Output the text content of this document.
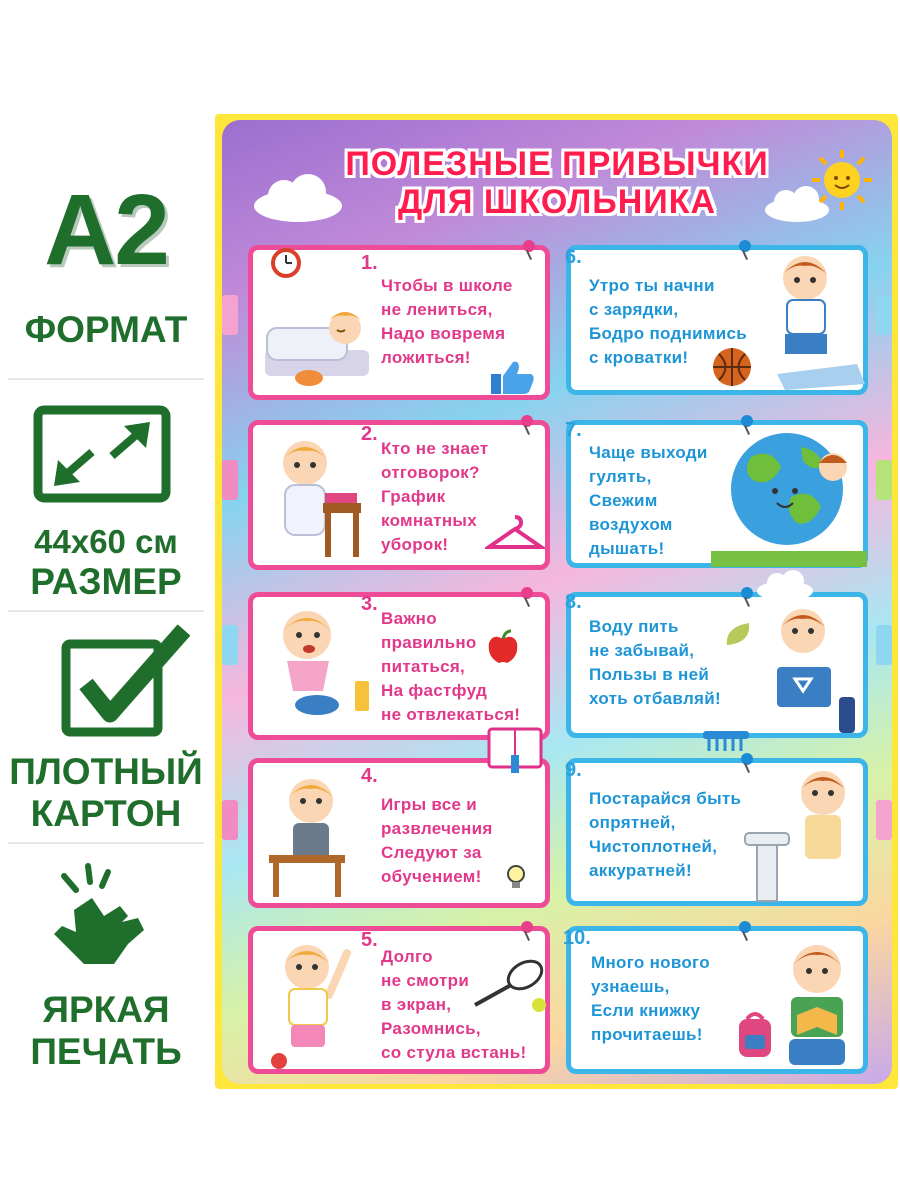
A2
ФОРМАТ
44х60 см
РАЗМЕР
ПЛОТНЫЙ
КАРТОН
ЯРКАЯ
ПЕЧАТЬ
ПОЛЕЗНЫЕ ПРИВЫЧКИ
ДЛЯ ШКОЛЬНИКА
1.
Чтобы в школе
не лениться,
Надо вовремя
ложиться!
2.
Кто не знает
отговорок?
График
комнатных
уборок!
3.
Важно
правильно
питаться,
На фастфуд
не отвлекаться!
4.
Игры все и
развлечения
Следуют за
обучением!
5.
Долго
не смотри
в экран,
Разомнись,
со стула встань!
6.
Утро ты начни
с зарядки,
Бодро поднимись
с кроватки!
7.
Чаще выходи
гулять,
Свежим
воздухом
дышать!
8.
Воду пить
не забывай,
Пользы в ней
хоть отбавляй!
9.
Постарайся быть
опрятней,
Чистоплотней,
аккуратней!
10.
Много нового
узнаешь,
Если книжку
прочитаешь!
